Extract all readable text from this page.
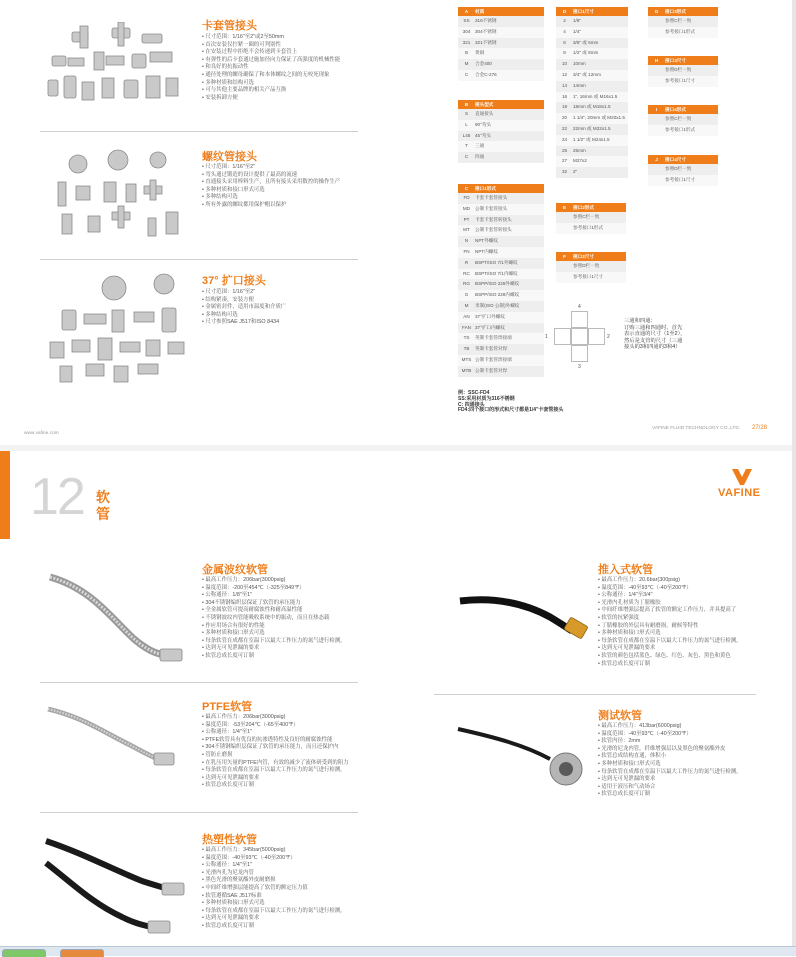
卡套管接头
• 尺寸范围：1/16"至2"或2至50mm
• 首次安装仅拧紧一圈的可判别性
• 在安装过程中拒绝不会传递到卡套管上
• 有弹性的后卡套通过施加径向力保证了高强度的机械性能
• 和良好的抗振动性
• 通径处理的螺母确保了和本体螺纹之间的无咬死现象
• 多种材质和结构可选
• 可与其他主要品牌的相关产品互换
• 安装拆卸方便
螺纹管接头
• 尺寸范围：1/16"至2"
• 弯头通过锻造的设计提供了最高的流速
• 直通接头采用棒料生产，且所有接头采用数控的操作生产
• 多种材质和接口形式可选
• 多种结构可选
• 所有外露的螺纹都用保护帽以保护
37° 扩口接头
• 尺寸范围：1/16"至2"
• 结构紧凑，安装方便
• 金属密封件，适用市温度和介质广
• 多种结构可选
• 尺寸参照SAE J517和ISO 8434
www.vafine.com
A	材质
SS	316不锈钢
304	304不锈钢
321	321不锈钢
B	黄铜
M	合金400
C	合金C-276
B	接头型式
S	直通接头
L	90°弯头
L45	45°弯头
T	三通
C	四通
C	接口1形式
FD	卡套卡套管接头
MD	公制卡套管接头
PT	卡套卡套管转接头
MT	公制卡套管转接头
N	NPT外螺纹
FN	NPT内螺纹
R	BSPT/ISO 7/1外螺纹
RC	BSPT/ISO 7/1内螺纹
RG	BSPP/ISO 228外螺纹
G	BSPP/ISO 228内螺纹
M	米制(ISO 公制)外螺纹
AN	37°扩口外螺纹
FAN 37°扩口内螺纹
TS	英制卡套管焊接端
TB	英制卡套管对焊
MTS 公制卡套管焊接端
MTB 公制卡套管对焊
D	接口1尺寸
2	1/8"
4	1/4"
6	3/8" 或 6mm
8	1/2" 或 8mm
10	10mm
12	3/4" 或 12mm
14	14mm
16	1", 16mm 或 M16x1.5
18	18mm 或 M18x1.5
20	1 1/4", 20mm 或 M20x1.5
22	22mm 或 M22x1.5
24	1 1/2" 或 M24x1.5
25	25mm
27	M27x2
32	2"
E	接口2形式
参照C栏一致
参考接口1形式
F	接口2尺寸
参照D栏一致
参考接口1尺寸
G	接口3形式
参照C栏一致
参考接口1形式
H	接口3尺寸
参照D栏一致
参考接口1尺寸
I	接口4形式
参照C栏一致
参考接口1形式
J	接口4尺寸
参照D栏一致
参考接口1尺寸
4
1	2
3
三通和四通：
订购三通和四通时，首先
表示直通的尺寸（1至2），
然后是支管的尺寸（三通
接头的3和四通的3和4）
例：SSC-FD4
SS:采用材质为316不锈钢
C: 四通接头
FD4:四个接口的形式和尺寸都是1/4"卡套管接头
VAFINE FLUID TECHNOLOGY CO.,LTD. 27/28
12 软
管
VAFINE
金属波纹软管
• 最高工作压力：206bar(3000psig)
• 温度范围：-200至454℃（-325至849℉）
• 公称通径：1/8"至1"
• 304不锈钢编织层保证了软管的承压能力
• 全金属软管可提高耐腐蚀性和耐高温性能
• 不锈钢波纹内管能吸收系统中的振动，而且在热态载
• 作应用场合有很好的性能
• 多种材质和接口形式可选
• 每条软管在成都在室温下以最大工作压力的氮气进行检测，
• 达到无可见泄漏的要求
• 软管总成长度可订制
PTFE软管
• 最高工作压力：206bar(3000psig)
• 温度范围：-53至204℃（-65至400℉）
• 公称通径：1/4"至1"
• PTFE软管具有优良的抗渗透特性及良好的耐腐蚀性能
• 304不锈钢编织层保证了软管的承压能力，而且还保护内
• 管防止磨损
• 在乳压用矢量的PTFE内管，有效的减少了流体研受到的阻力
• 每条软管在成都在室温下以最大工作压力的氮气进行检测，
• 达到无可见泄漏的要求
• 软管总成长度可订制
热塑性软管
• 最高工作压力：345bar(5000psig)
• 温度范围：-40至93℃（-40至200℉）
• 公称通径：1/4"至1"
• 光滑内孔为尼龙内管
• 黑色光滑的聚氨酯外皮耐磨损
• 中间纤维增强层能提高了软管的额定压力值
• 软管遵循SAE J517标准
• 多种材质和接口形式可选
• 每条软管在成都在室温下以最大工作压力的氮气进行检测，
• 达到无可见泄漏的要求
• 软管总成长度可订制
推入式软管
• 最高工作压力：20.6bar(300psig)
• 温度范围：-40至93℃（-40至200℉）
• 公称通径：1/4"至3/4"
• 光滑内孔材质为丁腈橡胶
• 中间纤维增强层提高了软管的额定工作压力，并具提高了
• 软管的抗紧强度
• 丁腈橡胶的外层具有耐磨损，耐候等特性
• 多种材质和接口形式可选
• 每条软管在成都在室温下以最大工作压力的氮气进行检测，
• 达到无可见泄漏的要求
• 软管的颜色包括蓝色、绿色、红色、灰色、黑色和黄色
• 软管总成长度可订制
测试软管
• 最高工作压力：413bar(6000psig)
• 温度范围：-40至93℃（-40至200℉）
• 软管内径：2mm
• 光滑的尼龙内管，纤维增强层以及黑色的聚氨酯外皮
• 软管总成结构直通，体积小
• 多种材质和接口形式可选
• 每条软管在成都在室温下以最大工作压力的氮气进行检测，
• 达到无可见泄漏的要求
• 适用于液压和气动场合
• 软管总成长度可订制
